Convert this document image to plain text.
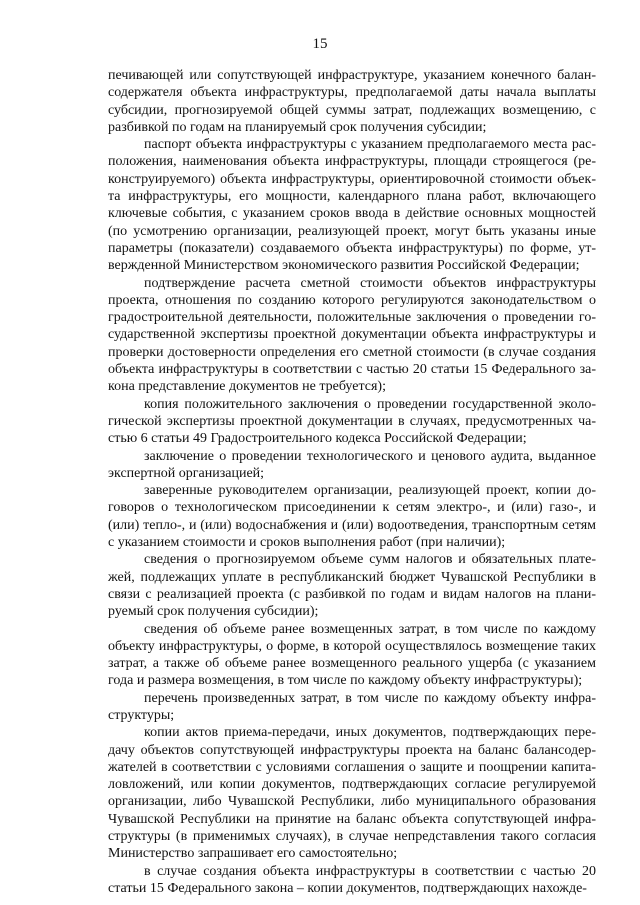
15

печивающей или сопутствующей инфраструктуре, указанием конечного балансодержателя объекта инфраструктуры, предполагаемой даты начала выплаты субсидии, прогнозируемой общей суммы затрат, подлежащих возмещению, с разбивкой по годам на планируемый срок получения субсидии;

паспорт объекта инфраструктуры с указанием предполагаемого места расположения, наименования объекта инфраструктуры, площади строящегося (реконструируемого) объекта инфраструктуры, ориентировочной стоимости объекта инфраструктуры, его мощности, календарного плана работ, включающего ключевые события, с указанием сроков ввода в действие основных мощностей (по усмотрению организации, реализующей проект, могут быть указаны иные параметры (показатели) создаваемого объекта инфраструктуры) по форме, утвержденной Министерством экономического развития Российской Федерации;

подтверждение расчета сметной стоимости объектов инфраструктуры проекта, отношения по созданию которого регулируются законодательством о градостроительной деятельности, положительные заключения о проведении государственной экспертизы проектной документации объекта инфраструктуры и проверки достоверности определения его сметной стоимости (в случае создания объекта инфраструктуры в соответствии с частью 20 статьи 15 Федерального закона представление документов не требуется);

копия положительного заключения о проведении государственной экологической экспертизы проектной документации в случаях, предусмотренных частью 6 статьи 49 Градостроительного кодекса Российской Федерации;

заключение о проведении технологического и ценового аудита, выданное экспертной организацией;

заверенные руководителем организации, реализующей проект, копии договоров о технологическом присоединении к сетям электро-, и (или) газо-, и (или) тепло-, и (или) водоснабжения и (или) водоотведения, транспортным сетям с указанием стоимости и сроков выполнения работ (при наличии);

сведения о прогнозируемом объеме сумм налогов и обязательных платежей, подлежащих уплате в республиканский бюджет Чувашской Республики в связи с реализацией проекта (с разбивкой по годам и видам налогов на планируемый срок получения субсидии);

сведения об объеме ранее возмещенных затрат, в том числе по каждому объекту инфраструктуры, о форме, в которой осуществлялось возмещение таких затрат, а также об объеме ранее возмещенного реального ущерба (с указанием года и размера возмещения, в том числе по каждому объекту инфраструктуры);

перечень произведенных затрат, в том числе по каждому объекту инфраструктуры;

копии актов приема-передачи, иных документов, подтверждающих передачу объектов сопутствующей инфраструктуры проекта на баланс балансодержателей в соответствии с условиями соглашения о защите и поощрении капиталовложений, или копии документов, подтверждающих согласие регулируемой организации, либо Чувашской Республики, либо муниципального образования Чувашской Республики на принятие на баланс объекта сопутствующей инфраструктуры (в применимых случаях), в случае непредставления такого согласия Министерство запрашивает его самостоятельно;

в случае создания объекта инфраструктуры в соответствии с частью 20 статьи 15 Федерального закона – копии документов, подтверждающих нахожде-
